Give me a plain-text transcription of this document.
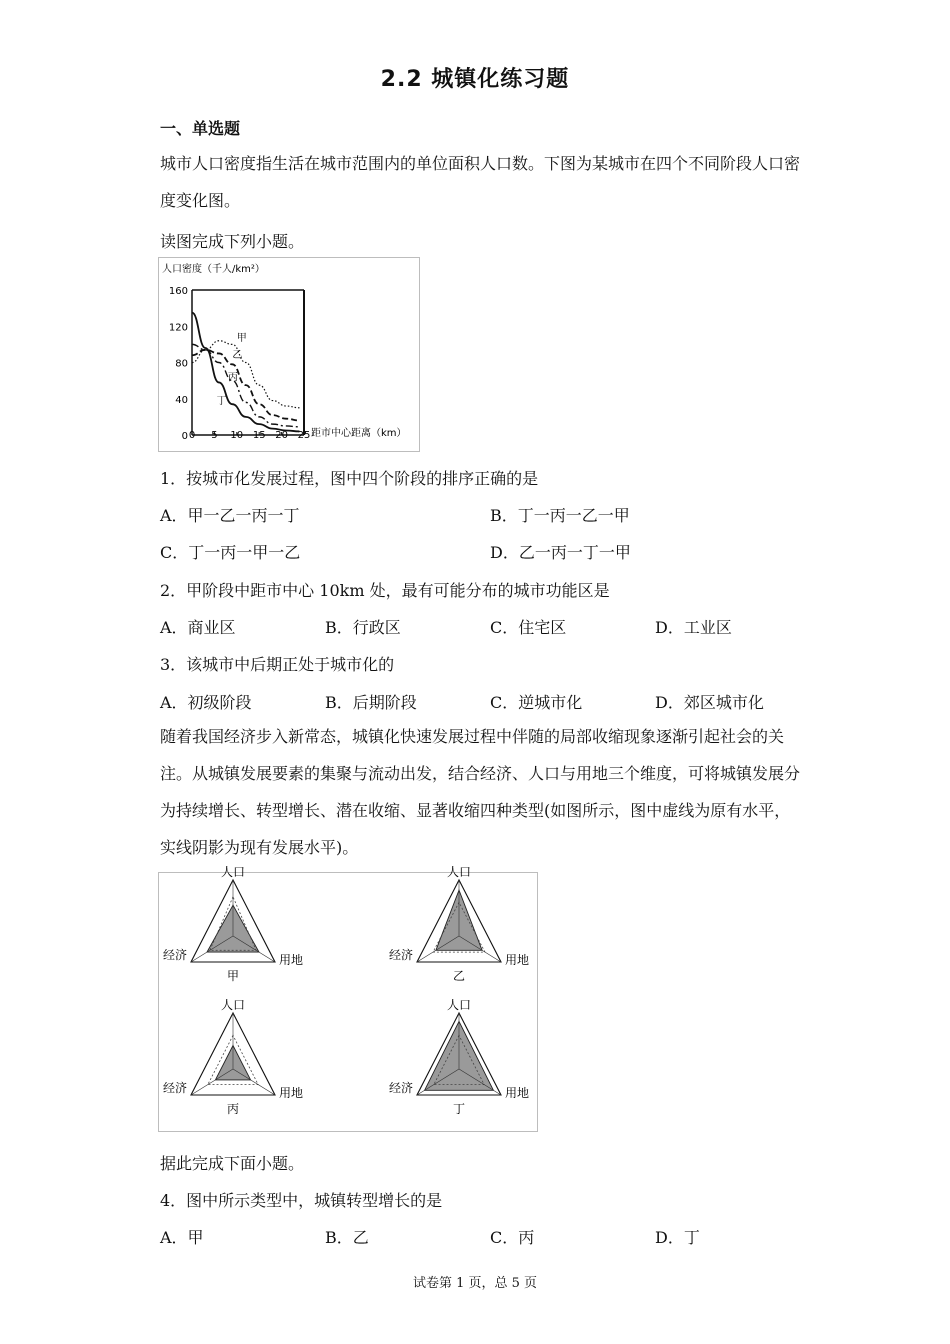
2.2 城镇化练习题
一、单选题
城市人口密度指生活在城市范围内的单位面积人口数。下图为某城市在四个不同阶段人口密度变化图。
读图完成下列小题。
人口密度（千人/km²）
距市中心距离（km）
0
40
80
120
160
0 5 10 15 20 25
甲
乙
丙
丁
1．按城市化发展过程，图中四个阶段的排序正确的是
A．甲一乙一丙一丁	B．丁一丙一乙一甲
C．丁一丙一甲一乙	D．乙一丙一丁一甲
2．甲阶段中距市中心 10km 处，最有可能分布的城市功能区是
A．商业区	B．行政区	C．住宅区	D．工业区
3．该城市中后期正处于城市化的
A．初级阶段	B．后期阶段	C．逆城市化	D．郊区城市化
随着我国经济步入新常态，城镇化快速发展过程中伴随的局部收缩现象逐渐引起社会的关注。从城镇发展要素的集聚与流动出发，结合经济、人口与用地三个维度，可将城镇发展分为持续增长、转型增长、潜在收缩、显著收缩四种类型(如图所示，图中虚线为原有水平，实线阴影为现有发展水平)。
人口
经济	用地
甲
人口
经济	用地
乙
人口
经济	用地
丙
人口
经济	用地
丁
据此完成下面小题。
4．图中所示类型中，城镇转型增长的是
A．甲	B．乙	C．丙	D．丁
试卷第 1 页，总 5 页
